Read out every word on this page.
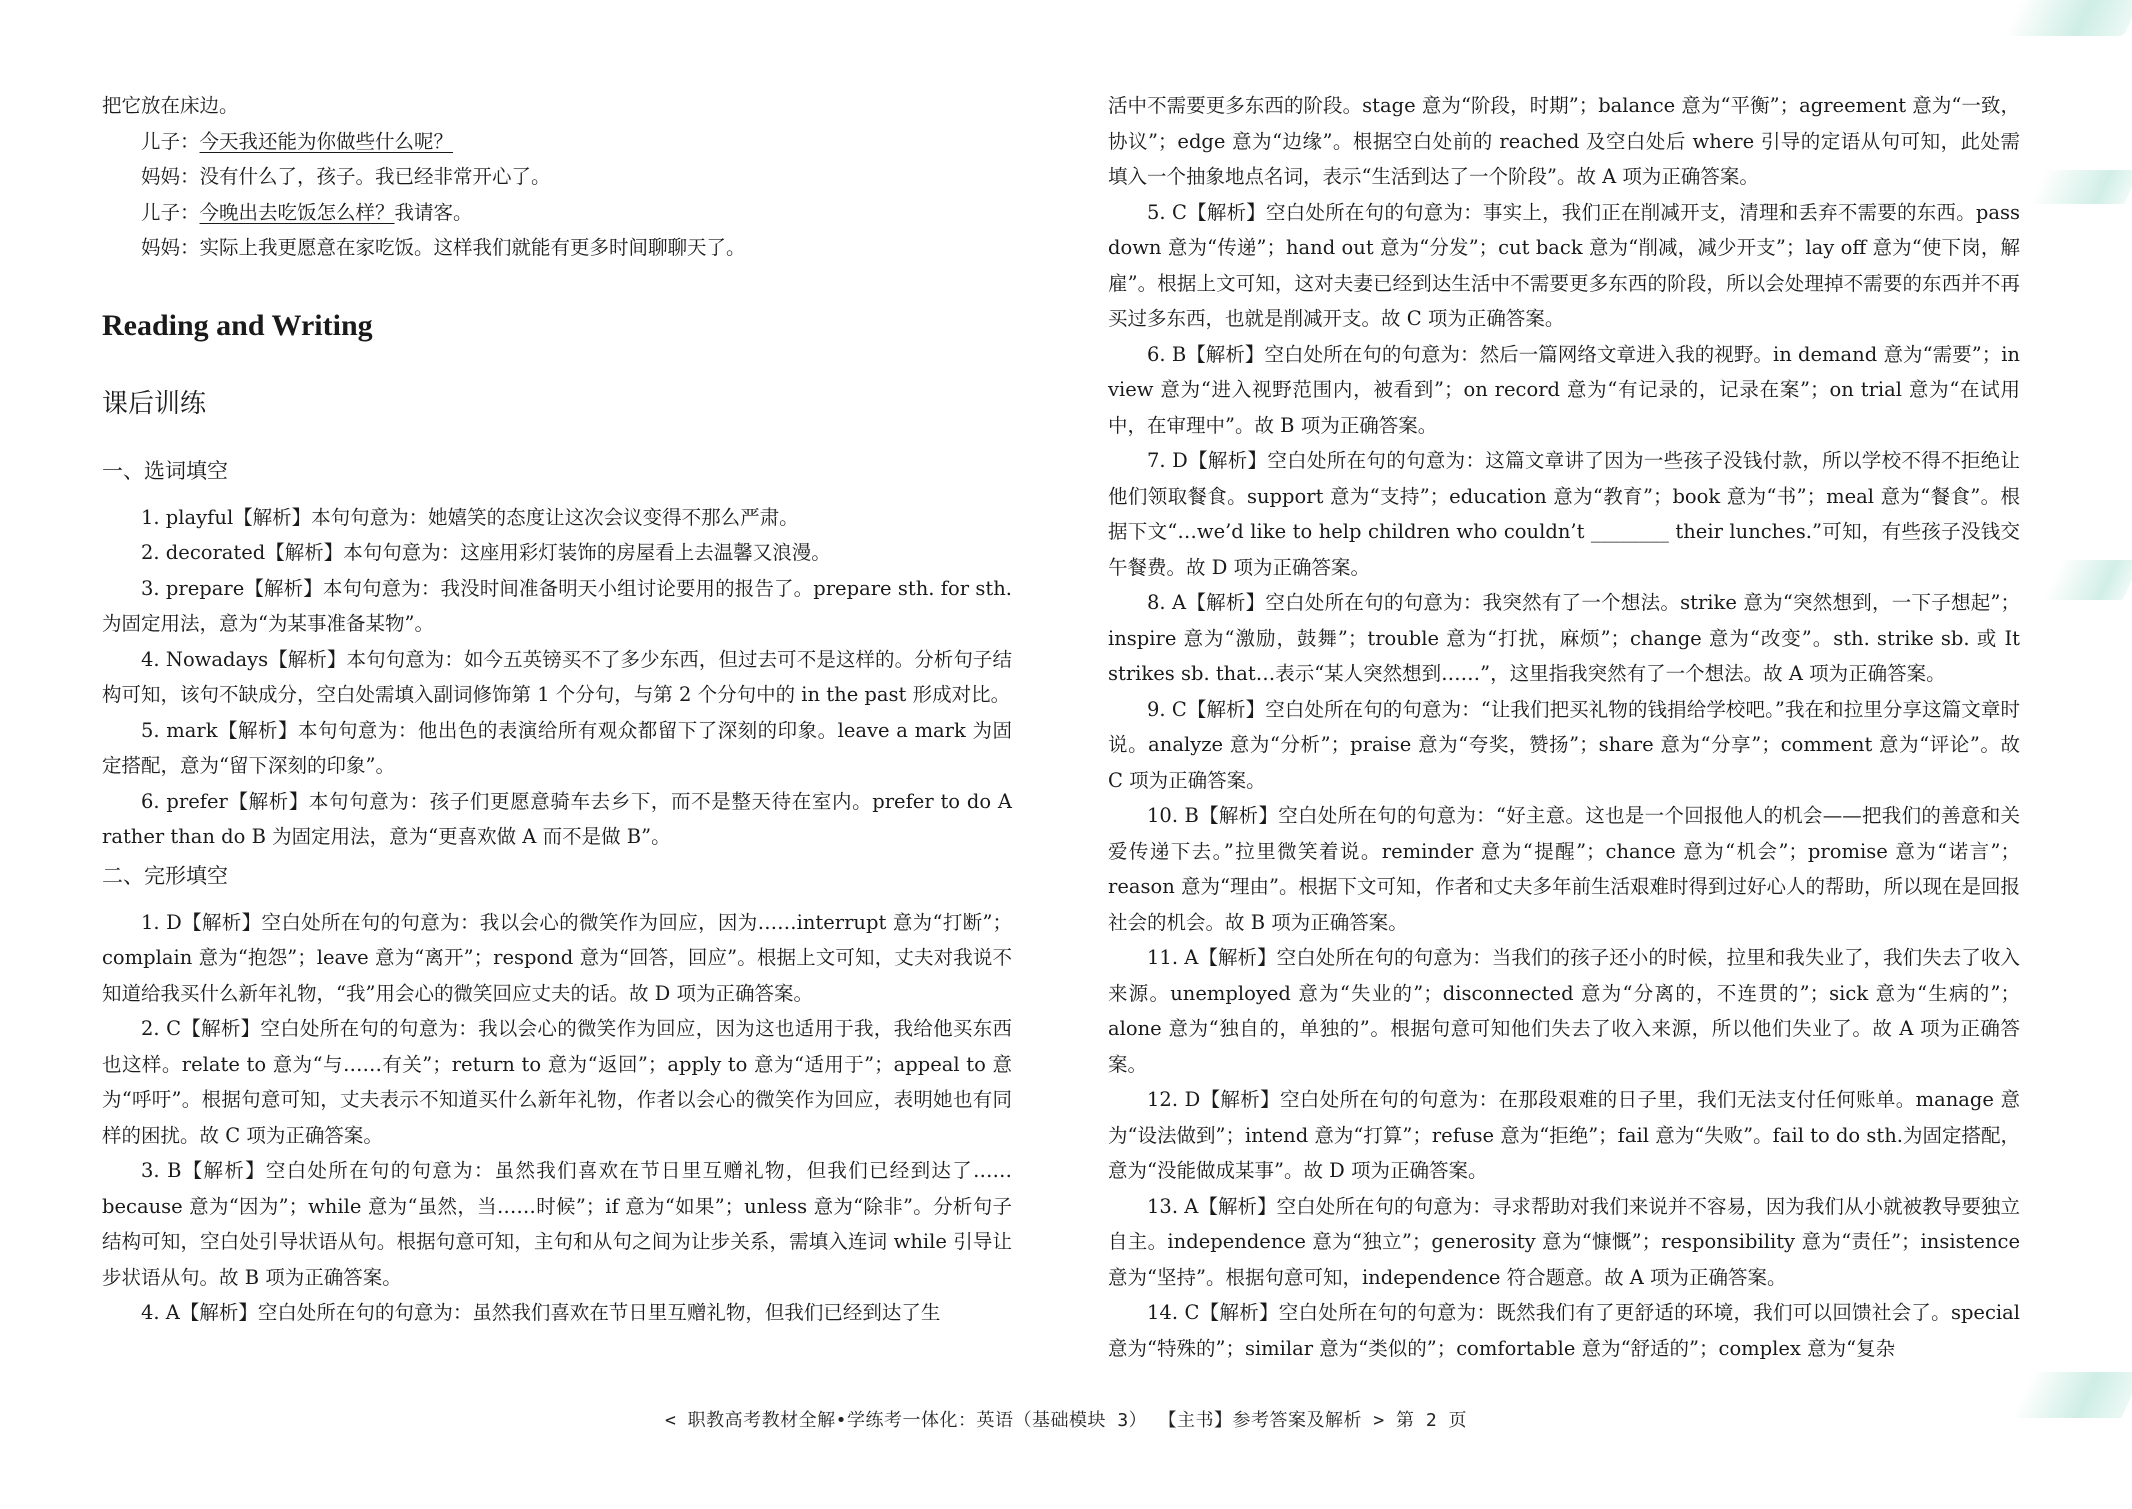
把它放在床边。

儿子：今天我还能为你做些什么呢？

妈妈：没有什么了，孩子。我已经非常开心了。

儿子：今晚出去吃饭怎么样？我请客。

妈妈：实际上我更愿意在家吃饭。这样我们就能有更多时间聊聊天了。

Reading and Writing
课后训练
一、选词填空

1. playful【解析】本句句意为：她嬉笑的态度让这次会议变得不那么严肃。

2. decorated【解析】本句句意为：这座用彩灯装饰的房屋看上去温馨又浪漫。

3. prepare【解析】本句句意为：我没时间准备明天小组讨论要用的报告了。prepare sth. for sth. 为固定用法，意为“为某事准备某物”。

4. Nowadays【解析】本句句意为：如今五英镑买不了多少东西，但过去可不是这样的。分析句子结构可知，该句不缺成分，空白处需填入副词修饰第 1 个分句，与第 2 个分句中的 in the past 形成对比。

5. mark【解析】本句句意为：他出色的表演给所有观众都留下了深刻的印象。leave a mark 为固定搭配，意为“留下深刻的印象”。

6. prefer【解析】本句句意为：孩子们更愿意骑车去乡下，而不是整天待在室内。prefer to do A rather than do B 为固定用法，意为“更喜欢做 A 而不是做 B”。

二、完形填空

1. D【解析】空白处所在句的句意为：我以会心的微笑作为回应，因为……interrupt 意为“打断”；complain 意为“抱怨”；leave 意为“离开”；respond 意为“回答，回应”。根据上文可知，丈夫对我说不知道给我买什么新年礼物，“我”用会心的微笑回应丈夫的话。故 D 项为正确答案。

2. C【解析】空白处所在句的句意为：我以会心的微笑作为回应，因为这也适用于我，我给他买东西也这样。relate to 意为“与……有关”；return to 意为“返回”；apply to 意为“适用于”；appeal to 意为“呼吁”。根据句意可知，丈夫表示不知道买什么新年礼物，作者以会心的微笑作为回应，表明她也有同样的困扰。故 C 项为正确答案。

3. B【解析】空白处所在句的句意为：虽然我们喜欢在节日里互赠礼物，但我们已经到达了……because 意为“因为”；while 意为“虽然，当……时候”；if 意为“如果”；unless 意为“除非”。分析句子结构可知，空白处引导状语从句。根据句意可知，主句和从句之间为让步关系，需填入连词 while 引导让步状语从句。故 B 项为正确答案。

4. A【解析】空白处所在句的句意为：虽然我们喜欢在节日里互赠礼物，但我们已经到达了生

活中不需要更多东西的阶段。stage 意为“阶段，时期”；balance 意为“平衡”；agreement 意为“一致，协议”；edge 意为“边缘”。根据空白处前的 reached 及空白处后 where 引导的定语从句可知，此处需填入一个抽象地点名词，表示“生活到达了一个阶段”。故 A 项为正确答案。

5. C【解析】空白处所在句的句意为：事实上，我们正在削减开支，清理和丢弃不需要的东西。pass down 意为“传递”；hand out 意为“分发”；cut back 意为“削减，减少开支”；lay off 意为“使下岗，解雇”。根据上文可知，这对夫妻已经到达生活中不需要更多东西的阶段，所以会处理掉不需要的东西并不再买过多东西，也就是削减开支。故 C 项为正确答案。

6. B【解析】空白处所在句的句意为：然后一篇网络文章进入我的视野。in demand 意为“需要”；in view 意为“进入视野范围内，被看到”；on record 意为“有记录的，记录在案”；on trial 意为“在试用中，在审理中”。故 B 项为正确答案。

7. D【解析】空白处所在句的句意为：这篇文章讲了因为一些孩子没钱付款，所以学校不得不拒绝让他们领取餐食。support 意为“支持”；education 意为“教育”；book 意为“书”；meal 意为“餐食”。根据下文“…we’d like to help children who couldn’t ________ their lunches.”可知，有些孩子没钱交午餐费。故 D 项为正确答案。

8. A【解析】空白处所在句的句意为：我突然有了一个想法。strike 意为“突然想到，一下子想起”；inspire 意为“激励，鼓舞”；trouble 意为“打扰，麻烦”；change 意为“改变”。sth. strike sb. 或 It strikes sb. that…表示“某人突然想到……”，这里指我突然有了一个想法。故 A 项为正确答案。

9. C【解析】空白处所在句的句意为：“让我们把买礼物的钱捐给学校吧。”我在和拉里分享这篇文章时说。analyze 意为“分析”；praise 意为“夸奖，赞扬”；share 意为“分享”；comment 意为“评论”。故 C 项为正确答案。

10. B【解析】空白处所在句的句意为：“好主意。这也是一个回报他人的机会——把我们的善意和关爱传递下去。”拉里微笑着说。reminder 意为“提醒”；chance 意为“机会”；promise 意为“诺言”；reason 意为“理由”。根据下文可知，作者和丈夫多年前生活艰难时得到过好心人的帮助，所以现在是回报社会的机会。故 B 项为正确答案。

11. A【解析】空白处所在句的句意为：当我们的孩子还小的时候，拉里和我失业了，我们失去了收入来源。unemployed 意为“失业的”；disconnected 意为“分离的，不连贯的”；sick 意为“生病的”；alone 意为“独自的，单独的”。根据句意可知他们失去了收入来源，所以他们失业了。故 A 项为正确答案。

12. D【解析】空白处所在句的句意为：在那段艰难的日子里，我们无法支付任何账单。manage 意为“设法做到”；intend 意为“打算”；refuse 意为“拒绝”；fail 意为“失败”。fail to do sth.为固定搭配，意为“没能做成某事”。故 D 项为正确答案。

13. A【解析】空白处所在句的句意为：寻求帮助对我们来说并不容易，因为我们从小就被教导要独立自主。independence 意为“独立”；generosity 意为“慷慨”；responsibility 意为“责任”；insistence 意为“坚持”。根据句意可知，independence 符合题意。故 A 项为正确答案。

14. C【解析】空白处所在句的句意为：既然我们有了更舒适的环境，我们可以回馈社会了。special 意为“特殊的”；similar 意为“类似的”；comfortable 意为“舒适的”；complex 意为“复杂

< 职教高考教材全解•学练考一体化：英语（基础模块 3） 【主书】参考答案及解析 > 第 2 页
